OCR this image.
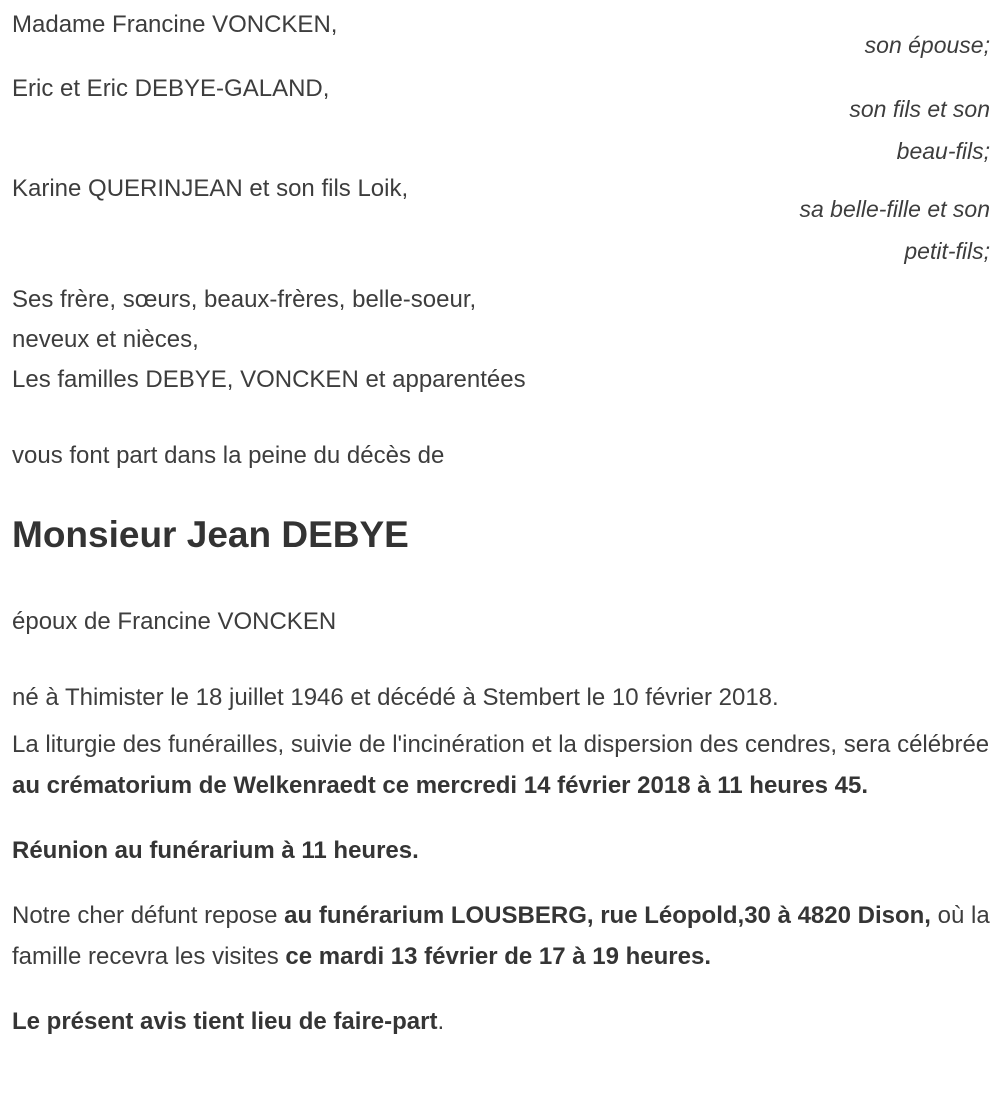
Madame Francine VONCKEN,
son épouse;
Eric et Eric DEBYE-GALAND,
son fils et son
beau-fils;
Karine QUERINJEAN et son fils Loik,
sa belle-fille et son
petit-fils;
Ses frère, sœurs, beaux-frères, belle-soeur,
neveux et nièces,
Les familles DEBYE, VONCKEN et apparentées
vous font part dans la peine du décès de
Monsieur Jean DEBYE
époux de Francine VONCKEN
né à Thimister le 18 juillet 1946 et décédé à Stembert le 10 février 2018.

La liturgie des funérailles, suivie de l'incinération et la dispersion des cendres, sera célébrée au crématorium de Welkenraedt ce mercredi 14 février 2018 à 11 heures 45.

Réunion au funérarium à 11 heures.

Notre cher défunt repose au funérarium LOUSBERG, rue Léopold,30 à 4820 Dison, où la famille recevra les visites ce mardi 13 février de 17 à 19 heures.

Le présent avis tient lieu de faire-part.
